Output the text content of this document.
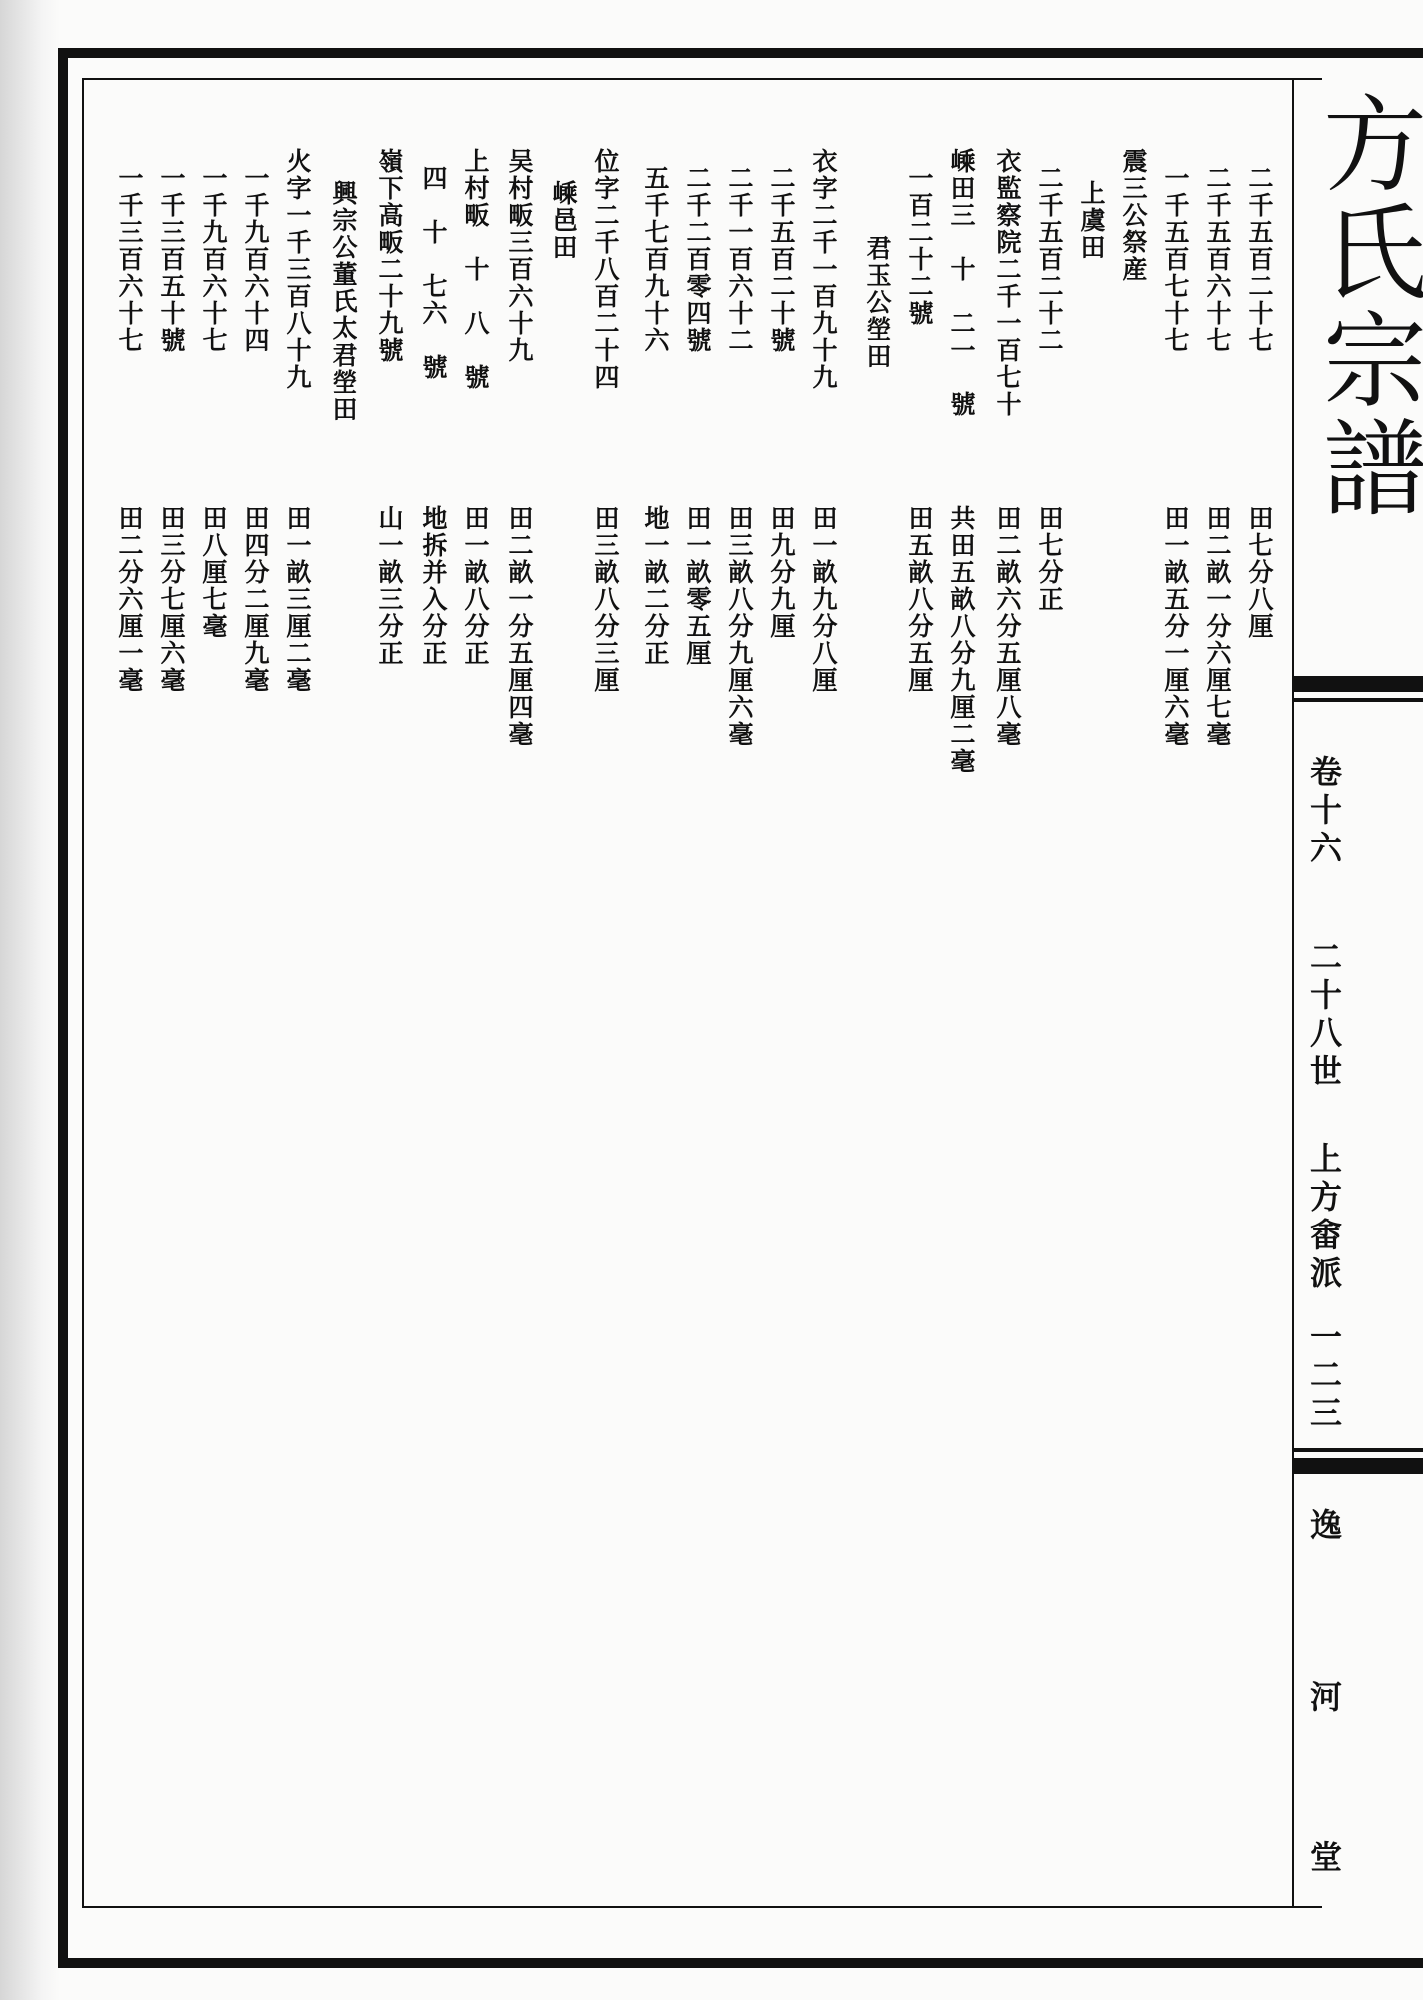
方氏宗譜
卷十六
二十八世
上方畬派
一二三
逸
河
堂
二千五百二十七
田七分八厘
二千五百六十七
田二畝一分六厘七毫
一千五百七十七
田一畝五分一厘六毫
震三公祭産
上虞田
二千五百二十二
田七分正
衣監察院二千一百七十
田二畝六分五厘八毫
嵊田三　十　二一　號
共田五畝八分九厘二毫
一百二十二號
田五畝八分五厘
君玉公塋田
衣字二千一百九十九
田一畝九分八厘
二千五百二十號
田九分九厘
二千一百六十二
田三畝八分九厘六毫
二千二百零四號
田一畝零五厘
五千七百九十六
地一畝二分正
位字二千八百二十四
田三畝八分三厘
嵊邑田
吴村畈三百六十九
田二畝一分五厘四毫
上村畈　十　八　號
田一畝八分正
四　十　七六　號
地拆并入分正
嶺下高畈二十九號
山一畝三分正
興宗公董氏太君塋田
火字一千三百八十九
田一畝三厘二毫
一千九百六十四
田四分二厘九毫
一千九百六十七
田八厘七毫
一千三百五十號
田三分七厘六毫
一千三百六十七
田二分六厘一毫
